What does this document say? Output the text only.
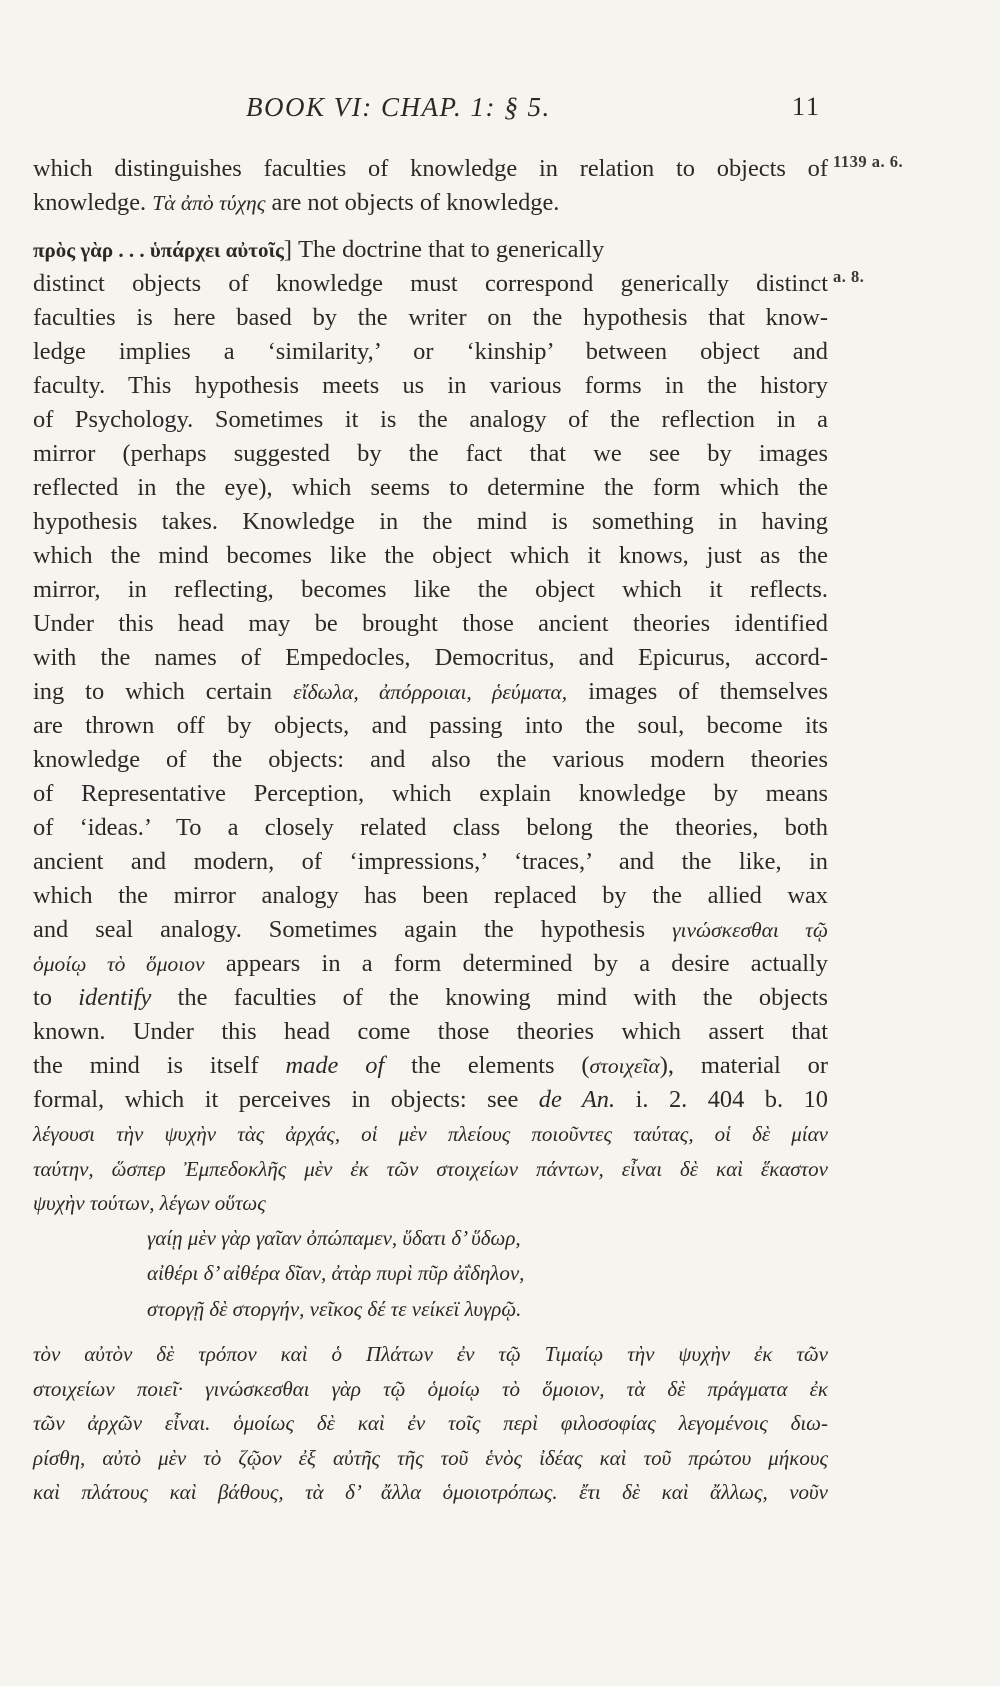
BOOK VI: CHAP. 1: § 5.	11
1139 a. 6.
a. 8.
which distinguishes faculties of knowledge in relation to objects of
knowledge. Τὰ ἀπὸ τύχης are not objects of knowledge.
πρὸς γὰρ . . . ὑπάρχει αὐτοῖς] The doctrine that to generically
distinct objects of knowledge must correspond generically distinct
faculties is here based by the writer on the hypothesis that know-
ledge implies a ‘similarity,’ or ‘kinship’ between object and
faculty. This hypothesis meets us in various forms in the history
of Psychology. Sometimes it is the analogy of the reflection in a
mirror (perhaps suggested by the fact that we see by images
reflected in the eye), which seems to determine the form which the
hypothesis takes. Knowledge in the mind is something in having
which the mind becomes like the object which it knows, just as the
mirror, in reflecting, becomes like the object which it reflects.
Under this head may be brought those ancient theories identified
with the names of Empedocles, Democritus, and Epicurus, accord-
ing to which certain εἴδωλα, ἀπόρροιαι, ῥεύματα, images of themselves
are thrown off by objects, and passing into the soul, become its
knowledge of the objects: and also the various modern theories
of Representative Perception, which explain knowledge by means
of ‘ideas.’ To a closely related class belong the theories, both
ancient and modern, of ‘impressions,’ ‘traces,’ and the like, in
which the mirror analogy has been replaced by the allied wax
and seal analogy. Sometimes again the hypothesis γινώσκεσθαι τῷ
ὁμοίῳ τὸ ὅμοιον appears in a form determined by a desire actually
to identify the faculties of the knowing mind with the objects
known. Under this head come those theories which assert that
the mind is itself made of the elements (στοιχεῖα), material or
formal, which it perceives in objects: see de An. i. 2. 404 b. 10
λέγουσι τὴν ψυχὴν τὰς ἀρχάς, οἱ μὲν πλείους ποιοῦντες ταύτας, οἱ δὲ μίαν
ταύτην, ὥσπερ Ἐμπεδοκλῆς μὲν ἐκ τῶν στοιχείων πάντων, εἶναι δὲ καὶ ἕκαστον
ψυχὴν τούτων, λέγων οὕτως
γαίῃ μὲν γὰρ γαῖαν ὀπώπαμεν, ὕδατι δ’ ὕδωρ,
αἰθέρι δ’ αἰθέρα δῖαν, ἀτὰρ πυρὶ πῦρ ἀΐδηλον,
στοργῇ δὲ στοργήν, νεῖκος δέ τε νείκεϊ λυγρῷ.
τὸν αὐτὸν δὲ τρόπον καὶ ὁ Πλάτων ἐν τῷ Τιμαίῳ τὴν ψυχὴν ἐκ τῶν
στοιχείων ποιεῖ· γινώσκεσθαι γὰρ τῷ ὁμοίῳ τὸ ὅμοιον, τὰ δὲ πράγματα ἐκ
τῶν ἀρχῶν εἶναι. ὁμοίως δὲ καὶ ἐν τοῖς περὶ φιλοσοφίας λεγομένοις διω-
ρίσθη, αὐτὸ μὲν τὸ ζῷον ἐξ αὐτῆς τῆς τοῦ ἑνὸς ἰδέας καὶ τοῦ πρώτου μήκους
καὶ πλάτους καὶ βάθους, τὰ δ’ ἄλλα ὁμοιοτρόπως. ἔτι δὲ καὶ ἄλλως, νοῦν
